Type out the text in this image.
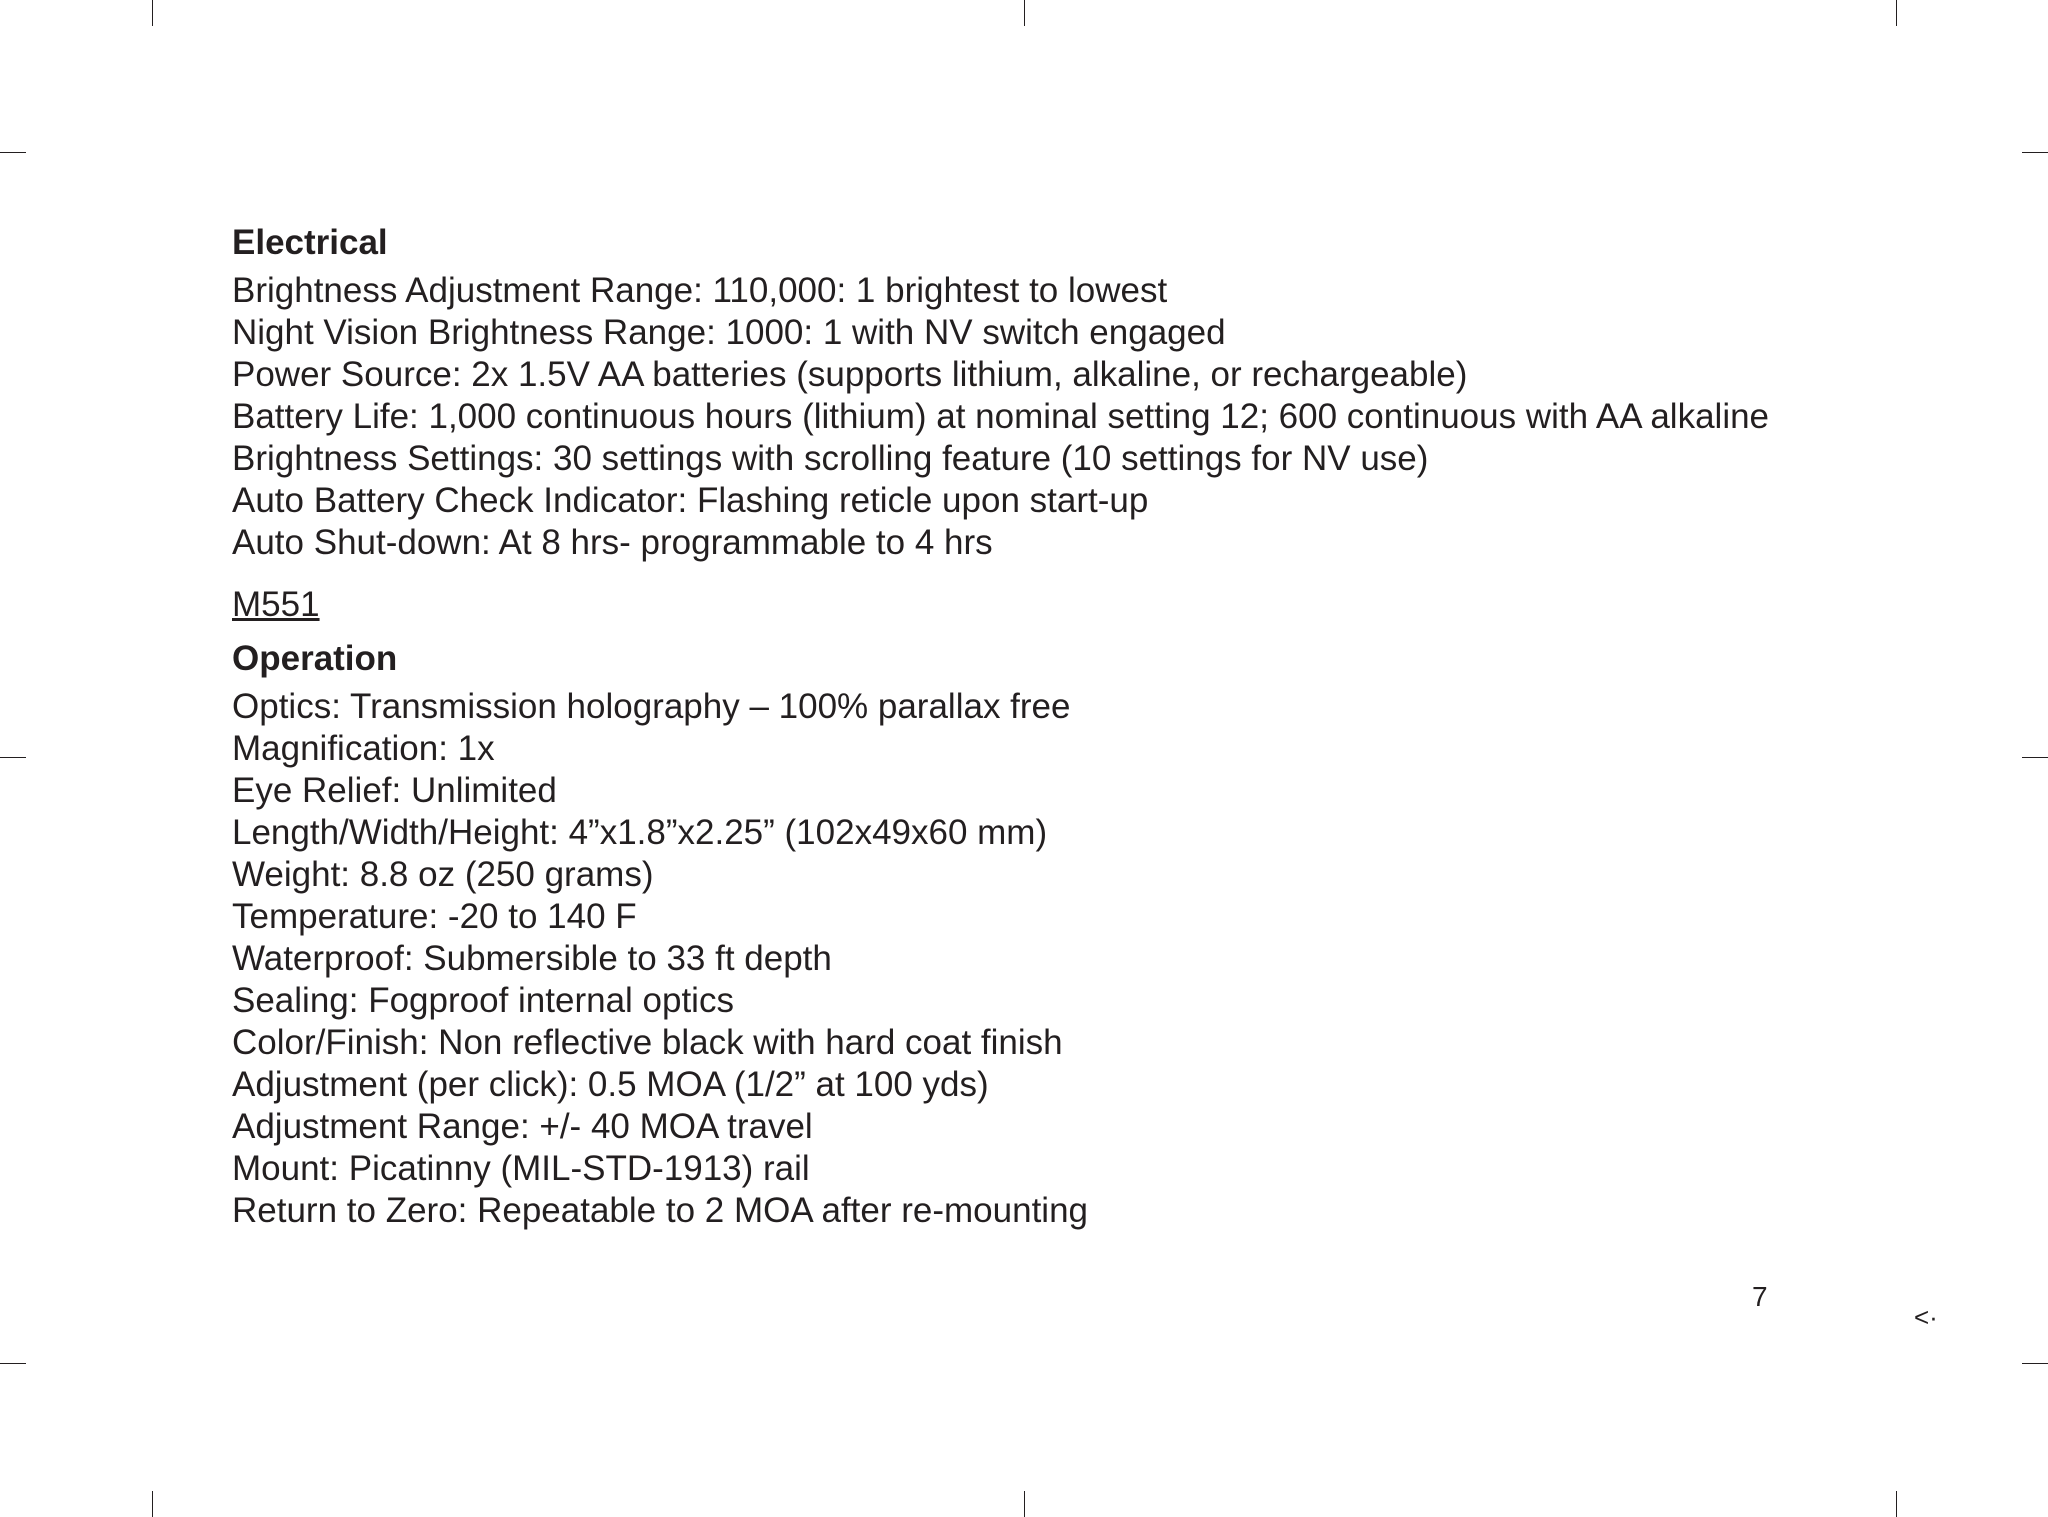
Electrical
Brightness Adjustment Range: 110,000: 1 brightest to lowest
Night Vision Brightness Range: 1000: 1 with NV switch engaged
Power Source: 2x 1.5V AA batteries (supports lithium, alkaline, or rechargeable)
Battery Life: 1,000 continuous hours (lithium) at nominal setting 12; 600 continuous with AA alkaline
Brightness Settings: 30 settings with scrolling feature (10 settings for NV use)
Auto Battery Check Indicator: Flashing reticle upon start-up
Auto Shut-down: At 8 hrs- programmable to 4 hrs

M551

Operation
Optics: Transmission holography – 100% parallax free
Magnification: 1x
Eye Relief: Unlimited
Length/Width/Height: 4”x1.8”x2.25” (102x49x60 mm)
Weight: 8.8 oz (250 grams)
Temperature: -20 to 140 F
Waterproof: Submersible to 33 ft depth
Sealing: Fogproof internal optics
Color/Finish: Non reflective black with hard coat finish
Adjustment (per click): 0.5 MOA (1/2” at 100 yds)
Adjustment Range: +/- 40 MOA travel
Mount: Picatinny (MIL-STD-1913) rail
Return to Zero: Repeatable to 2 MOA after re-mounting
7
<·
